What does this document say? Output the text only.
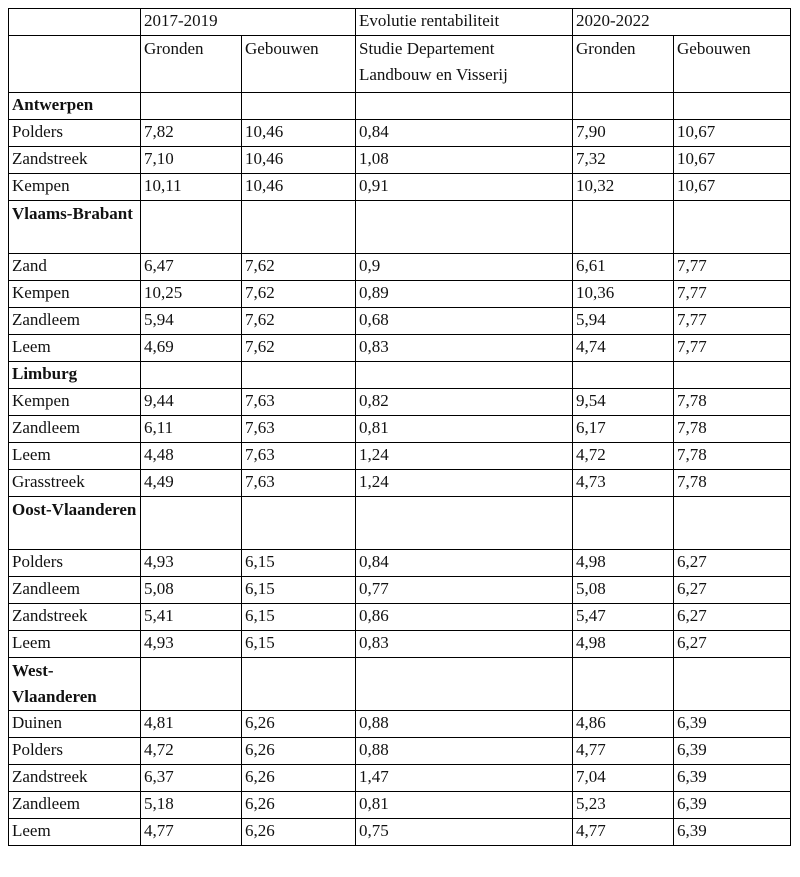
	2017-2019		Evolutie rentabiliteit	2020-2022	
	Gronden	Gebouwen	Studie Departement Landbouw en Visserij	Gronden	Gebouwen
Antwerpen					
Polders	7,82	10,46	0,84	7,90	10,67
Zandstreek	7,10	10,46	1,08	7,32	10,67
Kempen	10,11	10,46	0,91	10,32	10,67
Vlaams-Brabant					
Zand	6,47	7,62	0,9	6,61	7,77
Kempen	10,25	7,62	0,89	10,36	7,77
Zandleem	5,94	7,62	0,68	5,94	7,77
Leem	4,69	7,62	0,83	4,74	7,77
Limburg					
Kempen	9,44	7,63	0,82	9,54	7,78
Zandleem	6,11	7,63	0,81	6,17	7,78
Leem	4,48	7,63	1,24	4,72	7,78
Grasstreek	4,49	7,63	1,24	4,73	7,78
Oost-Vlaanderen					
Polders	4,93	6,15	0,84	4,98	6,27
Zandleem	5,08	6,15	0,77	5,08	6,27
Zandstreek	5,41	6,15	0,86	5,47	6,27
Leem	4,93	6,15	0,83	4,98	6,27
West-Vlaanderen					
Duinen	4,81	6,26	0,88	4,86	6,39
Polders	4,72	6,26	0,88	4,77	6,39
Zandstreek	6,37	6,26	1,47	7,04	6,39
Zandleem	5,18	6,26	0,81	5,23	6,39
Leem	4,77	6,26	0,75	4,77	6,39
